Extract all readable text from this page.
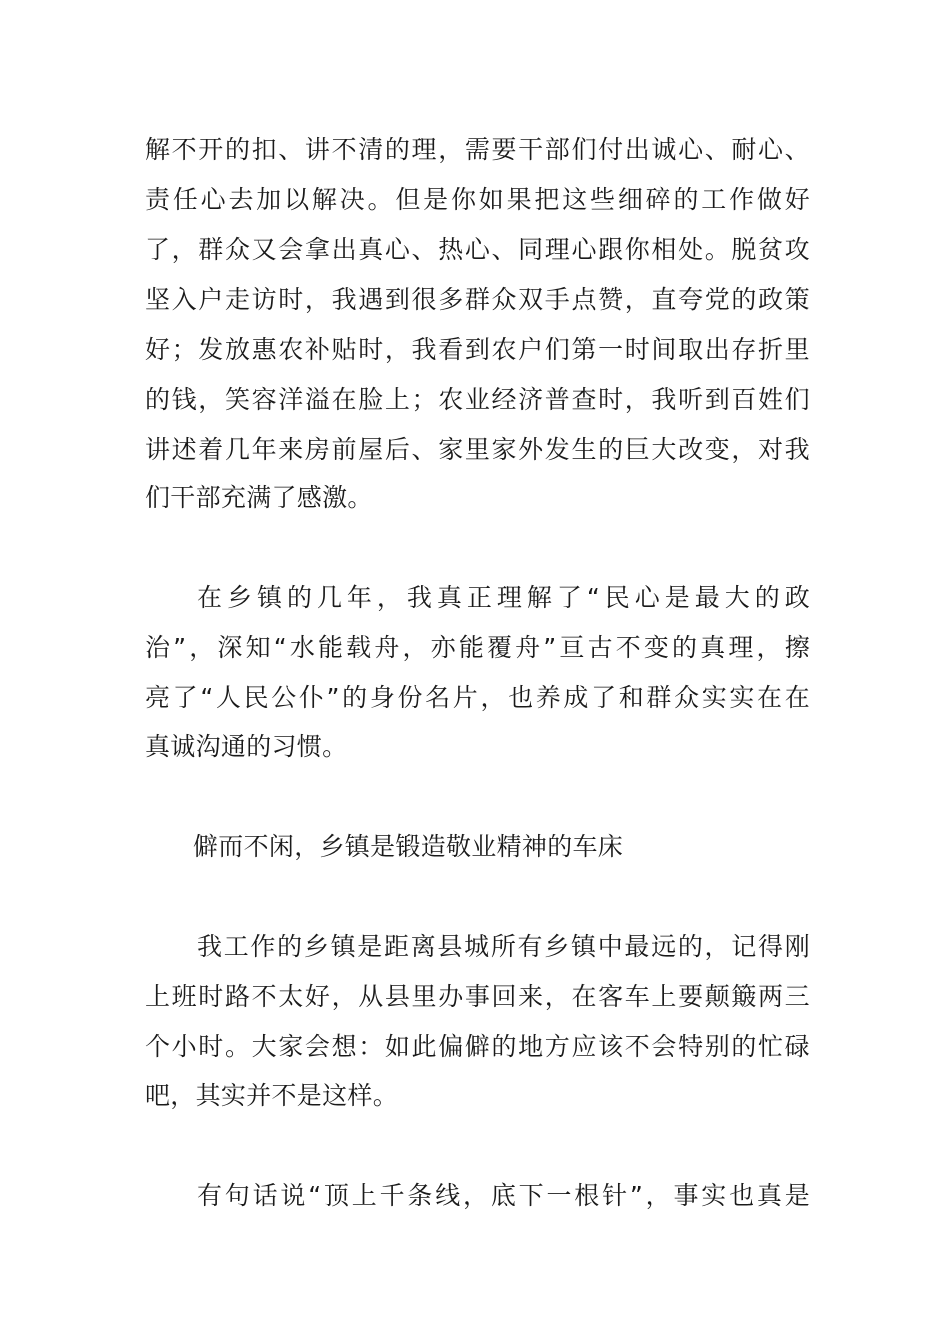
解不开的扣、讲不清的理，需要干部们付出诚心、耐心、
责任心去加以解决。但是你如果把这些细碎的工作做好
了，群众又会拿出真心、热心、同理心跟你相处。脱贫攻
坚入户走访时，我遇到很多群众双手点赞，直夸党的政策
好；发放惠农补贴时，我看到农户们第一时间取出存折里
的钱，笑容洋溢在脸上；农业经济普查时，我听到百姓们
讲述着几年来房前屋后、家里家外发生的巨大改变，对我
们干部充满了感激。
在乡镇的几年，我真正理解了“民心是最大的政
治”，深知“水能载舟，亦能覆舟”亘古不变的真理，擦
亮了“人民公仆”的身份名片，也养成了和群众实实在在
真诚沟通的习惯。
僻而不闲，乡镇是锻造敬业精神的车床
我工作的乡镇是距离县城所有乡镇中最远的，记得刚
上班时路不太好，从县里办事回来，在客车上要颠簸两三
个小时。大家会想：如此偏僻的地方应该不会特别的忙碌
吧，其实并不是这样。
有句话说“顶上千条线，底下一根针”，事实也真是
